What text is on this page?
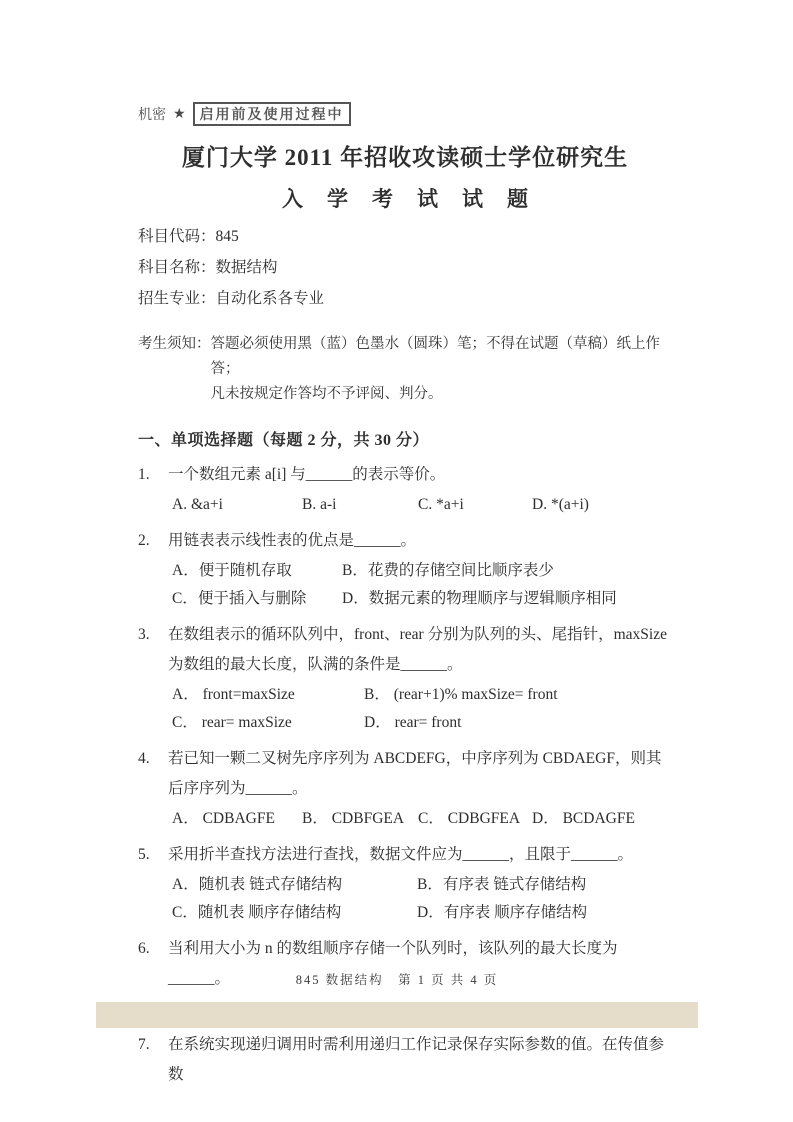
机密 ★	启用前及使用过程中
厦门大学 2011 年招收攻读硕士学位研究生
入学考试试题
科目代码：845
科目名称：数据结构
招生专业：自动化系各专业
考生须知： 答题必须使用黑（蓝）色墨水（圆珠）笔；不得在试题（草稿）纸上作答；
凡未按规定作答均不予评阅、判分。
一、单项选择题（每题 2 分，共 30 分）
1.	一个数组元素 a[i] 与______的表示等价。
A. &a+i	B. a-i	C. *a+i	D. *(a+i)
2.	用链表表示线性表的优点是______。
A．便于随机存取	B．花费的存储空间比顺序表少
C．便于插入与删除	D．数据元素的物理顺序与逻辑顺序相同
3.	在数组表示的循环队列中，front、rear 分别为队列的头、尾指针，maxSize 为数组的最大长度，队满的条件是______。
A． front=maxSize	B． (rear+1)% maxSize= front
C． rear= maxSize	D． rear= front
4.	若已知一颗二叉树先序序列为 ABCDEFG，中序序列为 CBDAEGF，则其后序序列为______。
A． CDBAGFE	B． CDBFGEA C． CDBGFEA D． BCDAGFE
5.	采用折半查找方法进行查找，数据文件应为______，且限于______。
A．随机表 链式存储结构	B．有序表 链式存储结构
C．随机表 顺序存储结构	D．有序表 顺序存储结构
6.	当利用大小为 n 的数组顺序存储一个队列时，该队列的最大长度为______。
7.	在系统实现递归调用时需利用递归工作记录保存实际参数的值。在传值参数
845 数据结构　第 1 页 共 4 页
